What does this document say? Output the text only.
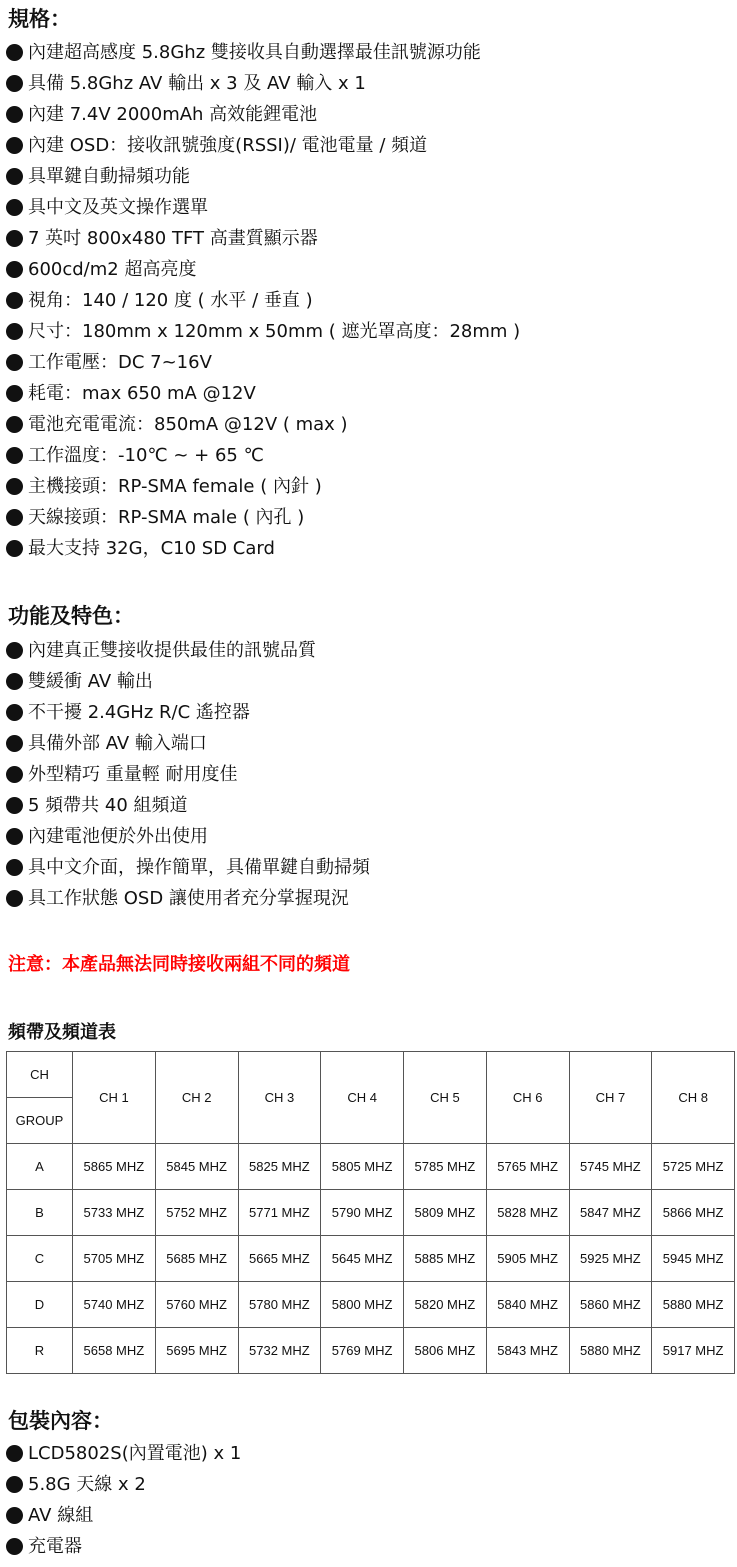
規格：
內建超高感度 5.8Ghz 雙接收具自動選擇最佳訊號源功能
具備 5.8Ghz AV 輸出 x 3 及 AV 輸入 x 1
內建 7.4V 2000mAh 高效能鋰電池
內建 OSD：接收訊號強度(RSSI)/ 電池電量 / 頻道
具單鍵自動掃頻功能
具中文及英文操作選單
7 英吋 800x480 TFT 高畫質顯示器
600cd/m2 超高亮度
視角：140 / 120 度 ( 水平 / 垂直 )
尺寸：180mm x 120mm x 50mm ( 遮光罩高度：28mm )
工作電壓：DC 7~16V
耗電：max 650 mA @12V
電池充電電流：850mA @12V ( max )
工作溫度：-10℃ ~ + 65 ℃
主機接頭：RP-SMA female ( 內針 )
天線接頭：RP-SMA male ( 內孔 )
最大支持 32G，C10 SD Card
功能及特色：
內建真正雙接收提供最佳的訊號品質
雙緩衝 AV 輸出
不干擾 2.4GHz R/C 遙控器
具備外部 AV 輸入端口
外型精巧 重量輕 耐用度佳
5 頻帶共 40 組頻道
內建電池便於外出使用
具中文介面，操作簡單，具備單鍵自動掃頻
具工作狀態 OSD 讓使用者充分掌握現況
注意：本產品無法同時接收兩組不同的頻道
頻帶及頻道表
CH
GROUP	CH 1	CH 2	CH 3	CH 4	CH 5	CH 6	CH 7	CH 8
A	5865 MHZ	5845 MHZ	5825 MHZ	5805 MHZ	5785 MHZ	5765 MHZ	5745 MHZ	5725 MHZ
B	5733 MHZ	5752 MHZ	5771 MHZ	5790 MHZ	5809 MHZ	5828 MHZ	5847 MHZ	5866 MHZ
C	5705 MHZ	5685 MHZ	5665 MHZ	5645 MHZ	5885 MHZ	5905 MHZ	5925 MHZ	5945 MHZ
D	5740 MHZ	5760 MHZ	5780 MHZ	5800 MHZ	5820 MHZ	5840 MHZ	5860 MHZ	5880 MHZ
R	5658 MHZ	5695 MHZ	5732 MHZ	5769 MHZ	5806 MHZ	5843 MHZ	5880 MHZ	5917 MHZ
包裝內容：
LCD5802S(內置電池) x 1
5.8G 天線 x 2
AV 線組
充電器
